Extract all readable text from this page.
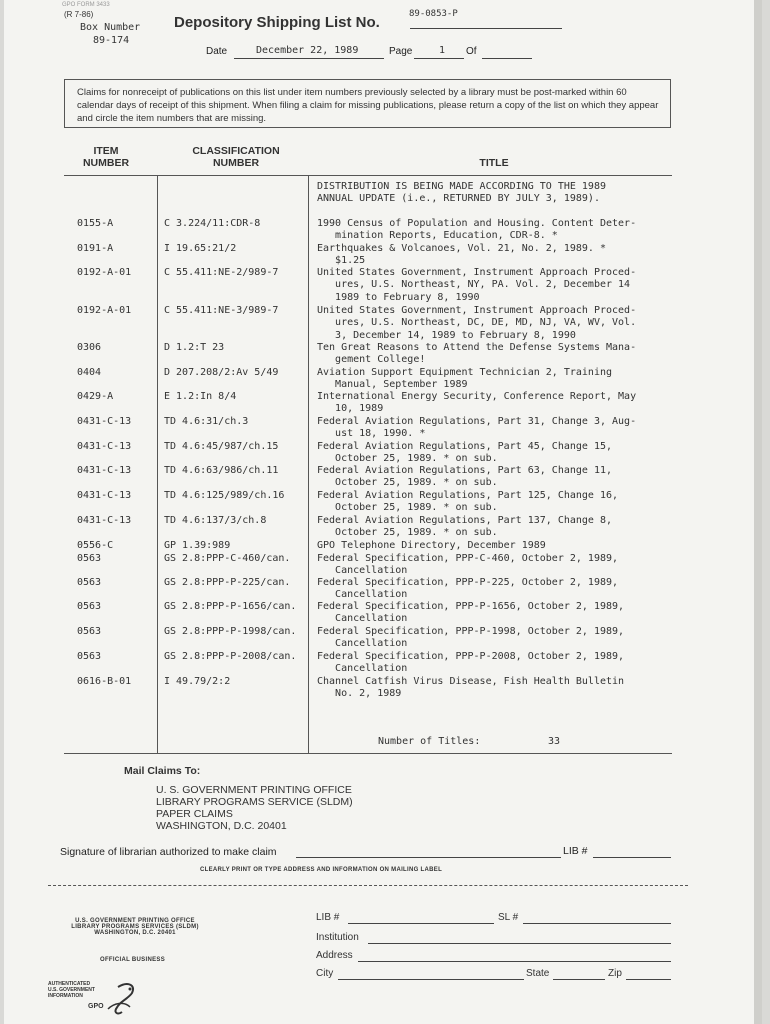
GPO FORM 3433
(R 7-86)
Box Number
89-174
Depository Shipping List No.	89-0853-P
Date	December 22, 1989	Page	1 Of
Claims for nonreceipt of publications on this list under item numbers previously selected by a library must be post-marked within 60 calendar days of receipt of this shipment. When filing a claim for missing publications, please return a copy of the list on which they appear and circle the item numbers that are missing.
ITEM
NUMBER
CLASSIFICATION
NUMBER	TITLE
DISTRIBUTION IS BEING MADE ACCORDING TO THE 1989
ANNUAL UPDATE (i.e., RETURNED BY JULY 3, 1989).
0155-A	C 3.224/11:CDR-8	1990 Census of Population and Housing. Content Deter-
mination Reports, Education, CDR-8. *
0191-A	I 19.65:21/2	Earthquakes & Volcanoes, Vol. 21, No. 2, 1989. *
$1.25
0192-A-01	C 55.411:NE-2/989-7	United States Government, Instrument Approach Proced-
ures, U.S. Northeast, NY, PA. Vol. 2, December 14
1989 to February 8, 1990
0192-A-01	C 55.411:NE-3/989-7	United States Government, Instrument Approach Proced-
ures, U.S. Northeast, DC, DE, MD, NJ, VA, WV, Vol.
3, December 14, 1989 to February 8, 1990
0306	D 1.2:T 23	Ten Great Reasons to Attend the Defense Systems Mana-
gement College!
0404	D 207.208/2:Av 5/49	Aviation Support Equipment Technician 2, Training
Manual, September 1989
0429-A	E 1.2:In 8/4	International Energy Security, Conference Report, May
10, 1989
0431-C-13	TD 4.6:31/ch.3	Federal Aviation Regulations, Part 31, Change 3, Aug-
ust 18, 1990. *
0431-C-13	TD 4.6:45/987/ch.15	Federal Aviation Regulations, Part 45, Change 15,
October 25, 1989. * on sub.
0431-C-13	TD 4.6:63/986/ch.11	Federal Aviation Regulations, Part 63, Change 11,
October 25, 1989. * on sub.
0431-C-13	TD 4.6:125/989/ch.16	Federal Aviation Regulations, Part 125, Change 16,
October 25, 1989. * on sub.
0431-C-13	TD 4.6:137/3/ch.8	Federal Aviation Regulations, Part 137, Change 8,
October 25, 1989. * on sub.
0556-C	GP 1.39:989	GPO Telephone Directory, December 1989
0563	GS 2.8:PPP-C-460/can.	Federal Specification, PPP-C-460, October 2, 1989,
Cancellation
0563	GS 2.8:PPP-P-225/can.	Federal Specification, PPP-P-225, October 2, 1989,
Cancellation
0563	GS 2.8:PPP-P-1656/can.	Federal Specification, PPP-P-1656, October 2, 1989,
Cancellation
0563	GS 2.8:PPP-P-1998/can.	Federal Specification, PPP-P-1998, October 2, 1989,
Cancellation
0563	GS 2.8:PPP-P-2008/can.	Federal Specification, PPP-P-2008, October 2, 1989,
Cancellation
0616-B-01	I 49.79/2:2	Channel Catfish Virus Disease, Fish Health Bulletin
No. 2, 1989
Number of Titles:	33
Mail Claims To:
U. S. GOVERNMENT PRINTING OFFICE
LIBRARY PROGRAMS SERVICE (SLDM)
PAPER CLAIMS
WASHINGTON, D.C. 20401
Signature of librarian authorized to make claim	LIB #
CLEARLY PRINT OR TYPE ADDRESS AND INFORMATION ON MAILING LABEL
U.S. GOVERNMENT PRINTING OFFICE
LIBRARY PROGRAMS SERVICES (SLDM)
WASHINGTON, D.C. 20401
OFFICIAL BUSINESS
LIB #	SL #
Institution
Address
City	State	Zip
AUTHENTICATED
U.S. GOVERNMENT
INFORMATION
GPO
